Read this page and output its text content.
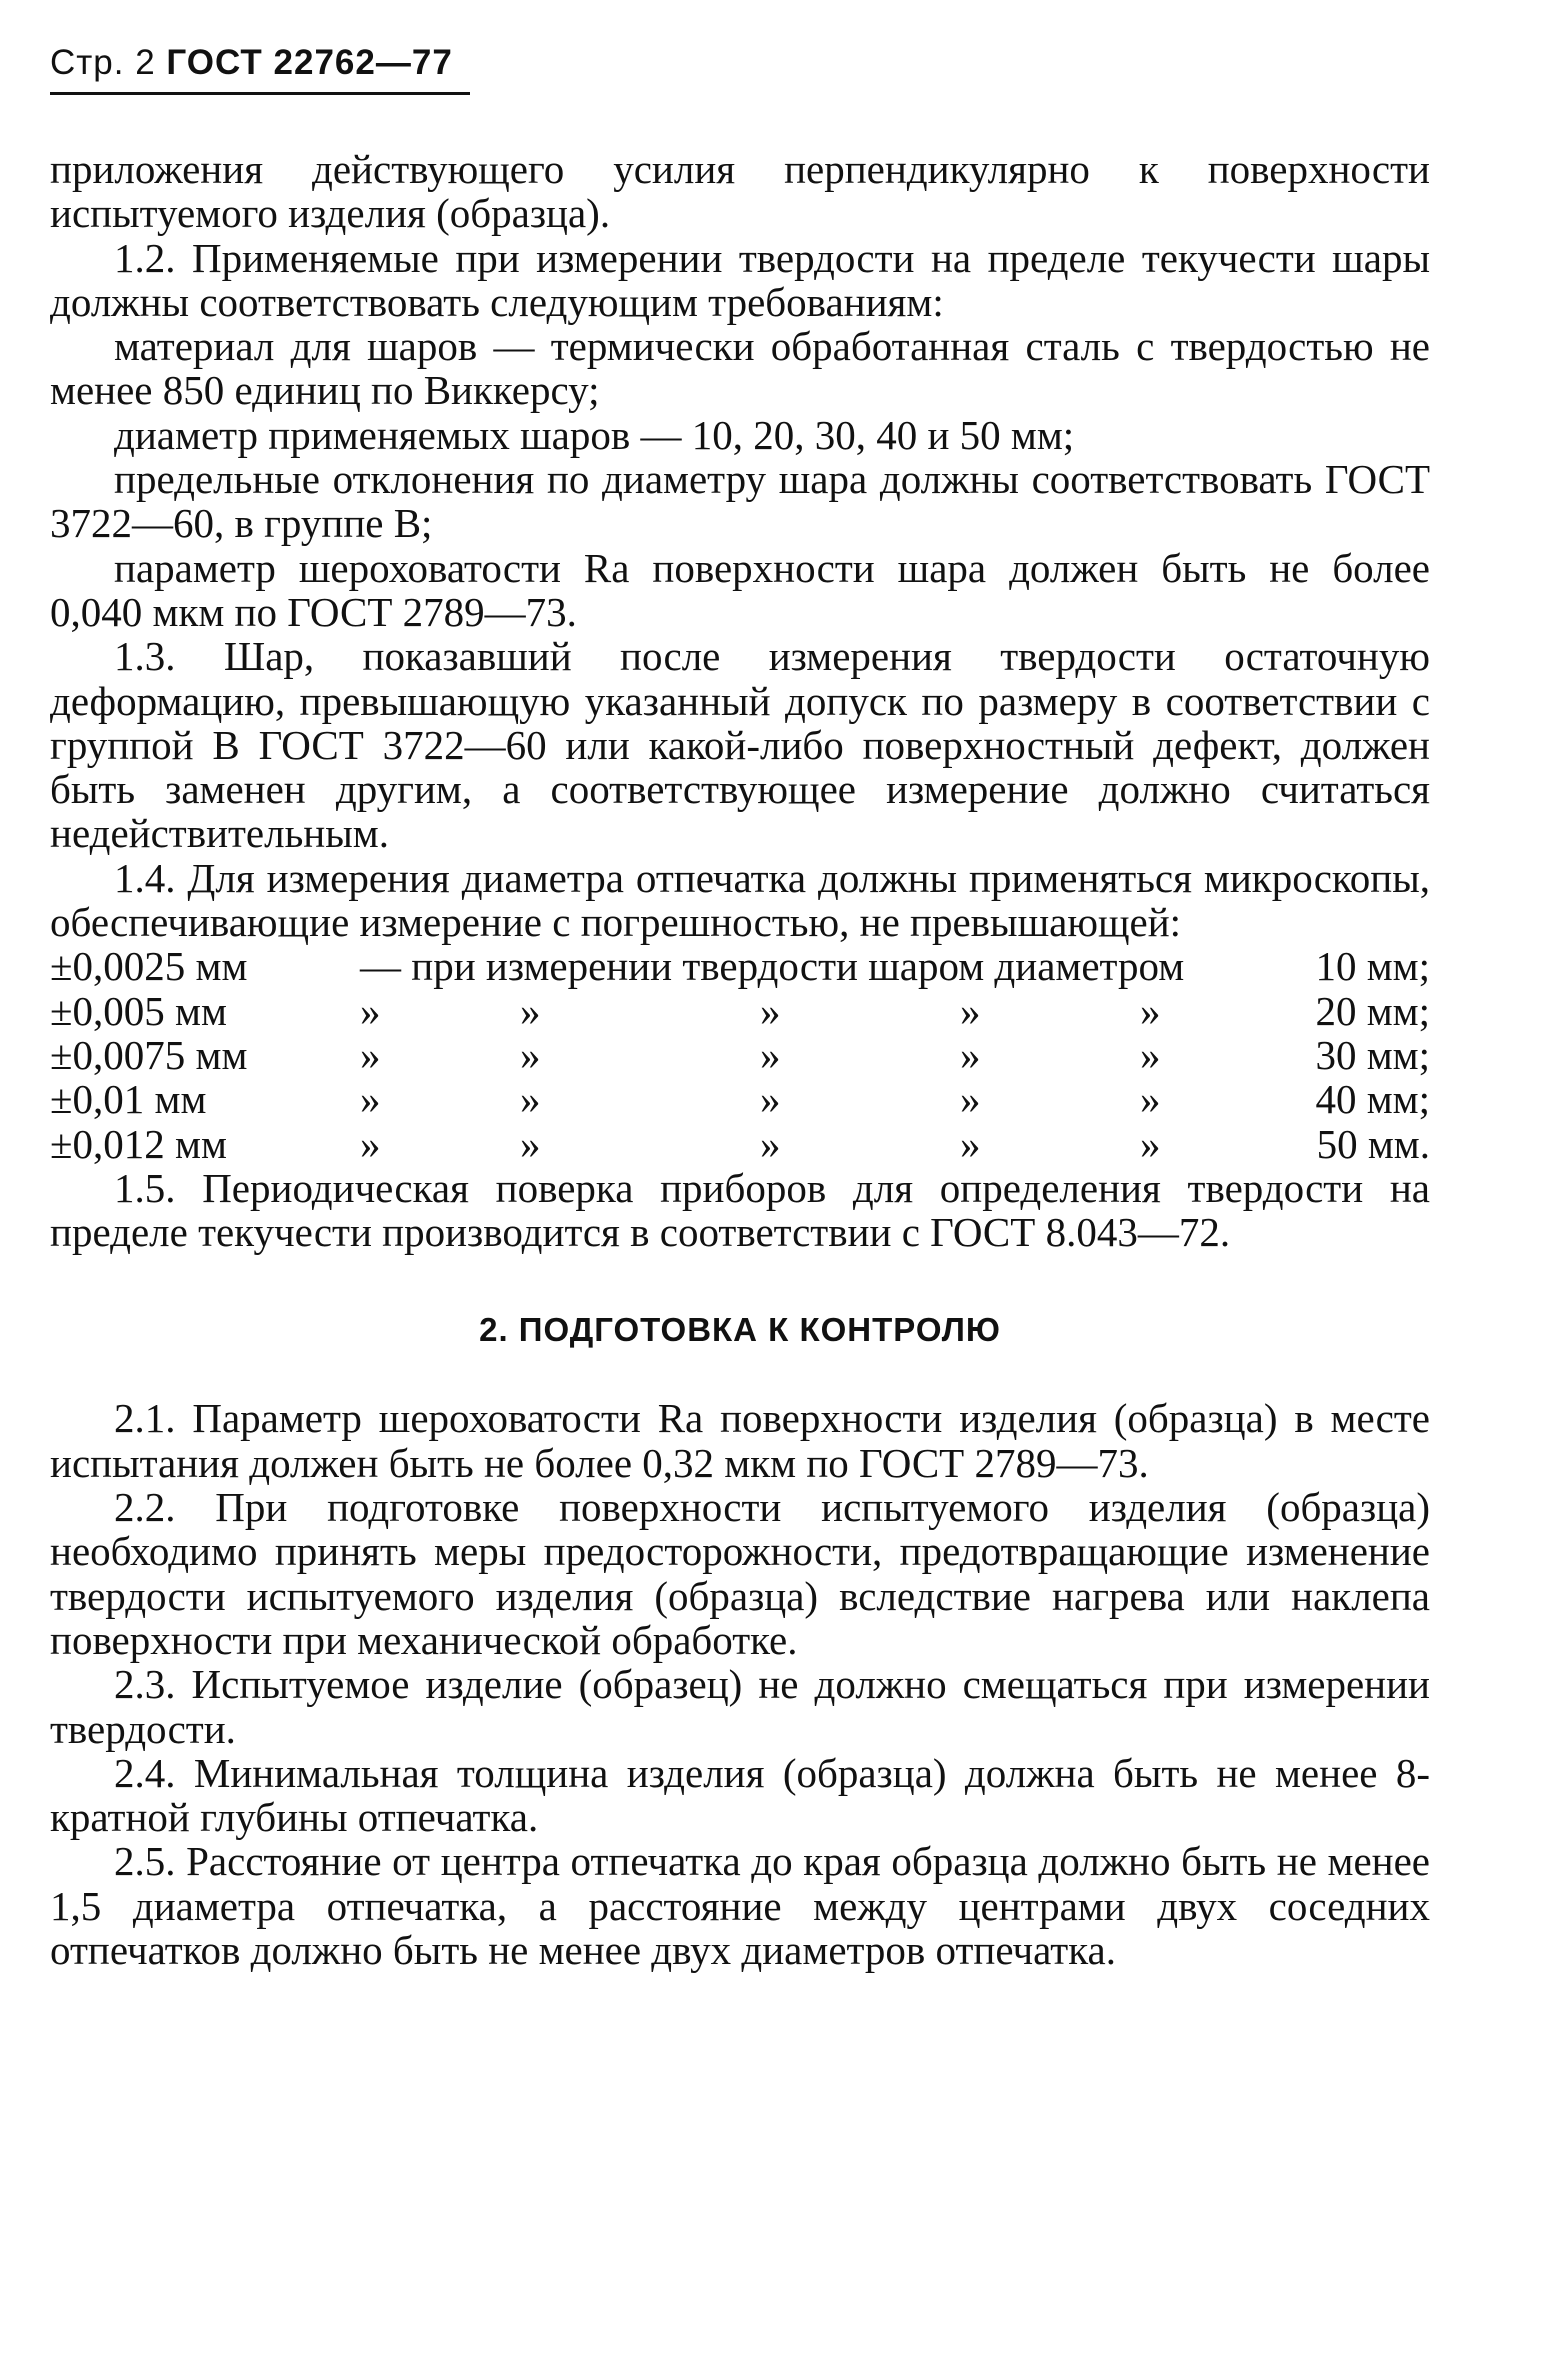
Стр. 2 ГОСТ 22762—77

приложения действующего усилия перпендикулярно к поверхности испытуемого изделия (образца).

1.2. Применяемые при измерении твердости на пределе текучести шары должны соответствовать следующим требованиям:

материал для шаров — термически обработанная сталь с твердостью не менее 850 единиц по Виккерсу;

диаметр применяемых шаров — 10, 20, 30, 40 и 50 мм;

предельные отклонения по диаметру шара должны соответствовать ГОСТ 3722—60, в группе В;

параметр шероховатости Ra поверхности шара должен быть не более 0,040 мкм по ГОСТ 2789—73.

1.3. Шар, показавший после измерения твердости остаточную деформацию, превышающую указанный допуск по размеру в соответствии с группой В ГОСТ 3722—60 или какой-либо поверхностный дефект, должен быть заменен другим, а соответствующее измерение должно считаться недействительным.

1.4. Для измерения диаметра отпечатка должны применяться микроскопы, обеспечивающие измерение с погрешностью, не превышающей:

±0,0025 мм	— при измерении твердости шаром диаметром	10 мм;
±0,005 мм	»	»	»	»	»	20 мм;
±0,0075 мм	»	»	»	»	»	30 мм;
±0,01 мм	»	»	»	»	»	40 мм;
±0,012 мм	»	»	»	»	»	50 мм.

1.5. Периодическая поверка приборов для определения твердости на пределе текучести производится в соответствии с ГОСТ 8.043—72.

2. ПОДГОТОВКА К КОНТРОЛЮ

2.1. Параметр шероховатости Ra поверхности изделия (образца) в месте испытания должен быть не более 0,32 мкм по ГОСТ 2789—73.

2.2. При подготовке поверхности испытуемого изделия (образца) необходимо принять меры предосторожности, предотвращающие изменение твердости испытуемого изделия (образца) вследствие нагрева или наклепа поверхности при механической обработке.

2.3. Испытуемое изделие (образец) не должно смещаться при измерении твердости.

2.4. Минимальная толщина изделия (образца) должна быть не менее 8-кратной глубины отпечатка.

2.5. Расстояние от центра отпечатка до края образца должно быть не менее 1,5 диаметра отпечатка, а расстояние между центрами двух соседних отпечатков должно быть не менее двух диаметров отпечатка.
